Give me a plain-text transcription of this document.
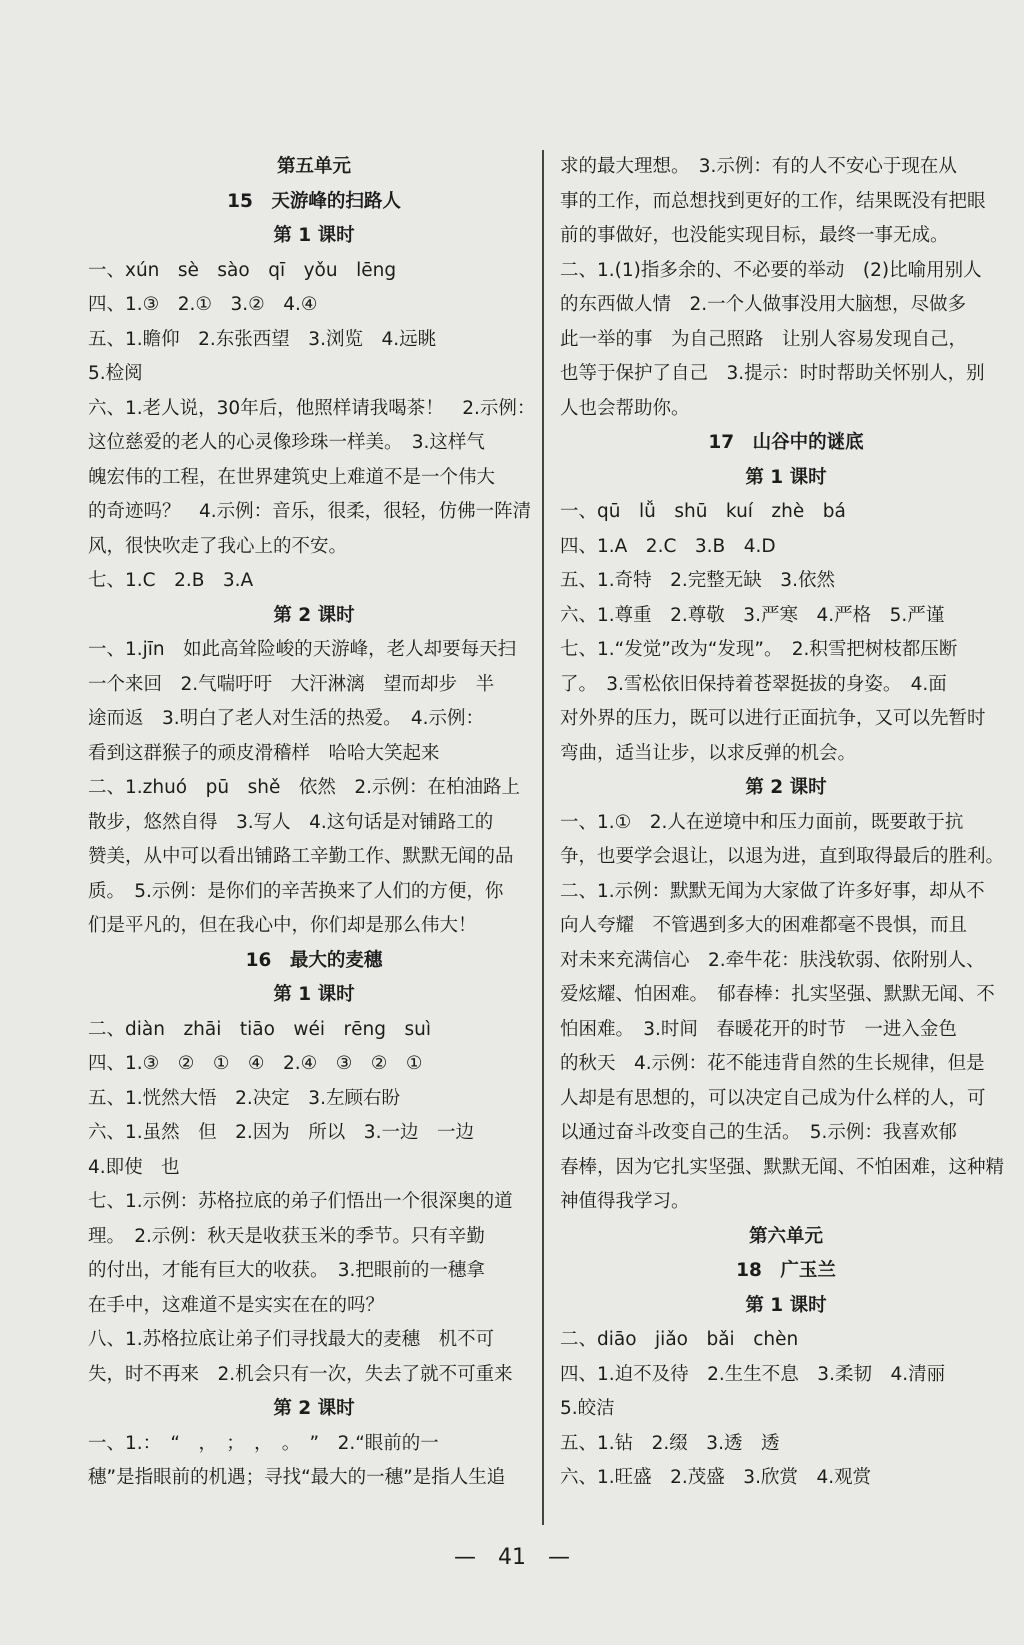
第五单元
15　天游峰的扫路人
第 1 课时
一、xún　sè　sào　qī　yǒu　lēng
四、1.③　2.①　3.②　4.④
五、1.瞻仰　2.东张西望　3.浏览　4.远眺
5.检阅
六、1.老人说，30年后，他照样请我喝茶！　2.示例：
这位慈爱的老人的心灵像珍珠一样美。　3.这样气
魄宏伟的工程，在世界建筑史上难道不是一个伟大
的奇迹吗？　4.示例：音乐，很柔，很轻，仿佛一阵清
风，很快吹走了我心上的不安。
七、1.C　2.B　3.A
第 2 课时
一、1.jīn　如此高耸险峻的天游峰，老人却要每天扫
一个来回　2.气喘吁吁　大汗淋漓　望而却步　半
途而返　3.明白了老人对生活的热爱。　4.示例：
看到这群猴子的顽皮滑稽样　哈哈大笑起来
二、1.zhuó　pū　shě　依然　2.示例：在柏油路上
散步，悠然自得　3.写人　4.这句话是对铺路工的
赞美，从中可以看出铺路工辛勤工作、默默无闻的品
质。　5.示例：是你们的辛苦换来了人们的方便，你
们是平凡的，但在我心中，你们却是那么伟大！
16　最大的麦穗
第 1 课时
二、diàn　zhāi　tiāo　wéi　rēng　suì
四、1.③　②　①　④　2.④　③　②　①
五、1.恍然大悟　2.决定　3.左顾右盼
六、1.虽然　但　2.因为　所以　3.一边　一边
4.即使　也
七、1.示例：苏格拉底的弟子们悟出一个很深奥的道
理。　2.示例：秋天是收获玉米的季节。只有辛勤
的付出，才能有巨大的收获。　3.把眼前的一穗拿
在手中，这难道不是实实在在的吗？
八、1.苏格拉底让弟子们寻找最大的麦穗　机不可
失，时不再来　2.机会只有一次，失去了就不可重来
第 2 课时
一、1.：　“　，　；　，　。　”　2.“眼前的一
穗”是指眼前的机遇；寻找“最大的一穗”是指人生追
求的最大理想。　3.示例：有的人不安心于现在从
事的工作，而总想找到更好的工作，结果既没有把眼
前的事做好，也没能实现目标，最终一事无成。
二、1.(1)指多余的、不必要的举动　(2)比喻用别人
的东西做人情　2.一个人做事没用大脑想，尽做多
此一举的事　为自己照路　让别人容易发现自己，
也等于保护了自己　3.提示：时时帮助关怀别人，别
人也会帮助你。
17　山谷中的谜底
第 1 课时
一、qū　lǚ　shū　kuí　zhè　bá
四、1.A　2.C　3.B　4.D
五、1.奇特　2.完整无缺　3.依然
六、1.尊重　2.尊敬　3.严寒　4.严格　5.严谨
七、1.“发觉”改为“发现”。　2.积雪把树枝都压断
了。　3.雪松依旧保持着苍翠挺拔的身姿。　4.面
对外界的压力，既可以进行正面抗争，又可以先暂时
弯曲，适当让步，以求反弹的机会。
第 2 课时
一、1.①　2.人在逆境中和压力面前，既要敢于抗
争，也要学会退让，以退为进，直到取得最后的胜利。
二、1.示例：默默无闻为大家做了许多好事，却从不
向人夸耀　不管遇到多大的困难都毫不畏惧，而且
对未来充满信心　2.牵牛花：肤浅软弱、依附别人、
爱炫耀、怕困难。　郁春棒：扎实坚强、默默无闻、不
怕困难。　3.时间　春暖花开的时节　一进入金色
的秋天　4.示例：花不能违背自然的生长规律，但是
人却是有思想的，可以决定自己成为什么样的人，可
以通过奋斗改变自己的生活。　5.示例：我喜欢郁
春棒，因为它扎实坚强、默默无闻、不怕困难，这种精
神值得我学习。
第六单元
18　广玉兰
第 1 课时
二、diāo　jiǎo　bǎi　chèn
四、1.迫不及待　2.生生不息　3.柔韧　4.清丽
5.皎洁
五、1.钻　2.缀　3.透　透
六、1.旺盛　2.茂盛　3.欣赏　4.观赏
—　41　—
